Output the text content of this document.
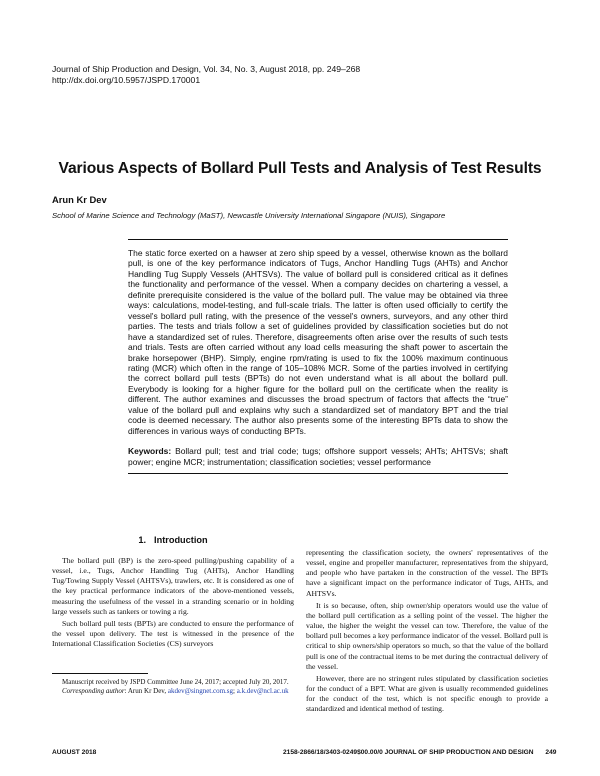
Journal of Ship Production and Design, Vol. 34, No. 3, August 2018, pp. 249–268
http://dx.doi.org/10.5957/JSPD.170001
Various Aspects of Bollard Pull Tests and Analysis of Test Results
Arun Kr Dev
School of Marine Science and Technology (MaST), Newcastle University International Singapore (NUIS), Singapore
The static force exerted on a hawser at zero ship speed by a vessel, otherwise known as the bollard pull, is one of the key performance indicators of Tugs, Anchor Handling Tugs (AHTs) and Anchor Handling Tug Supply Vessels (AHTSVs). The value of bollard pull is considered critical as it defines the functionality and performance of the vessel. When a company decides on chartering a vessel, a definite prerequisite considered is the value of the bollard pull. The value may be obtained via three ways: calculations, model-testing, and full-scale trials. The latter is often used officially to certify the vessel's bollard pull rating, with the presence of the vessel's owners, surveyors, and any other third parties. The tests and trials follow a set of guidelines provided by classification societies but do not have a standardized set of rules. Therefore, disagreements often arise over the results of such tests and trials. Tests are often carried without any load cells measuring the shaft power to ascertain the brake horsepower (BHP). Simply, engine rpm/rating is used to fix the 100% maximum continuous rating (MCR) which often in the range of 105–108% MCR. Some of the parties involved in certifying the correct bollard pull tests (BPTs) do not even understand what is all about the bollard pull. Everybody is looking for a higher figure for the bollard pull on the certificate when the reality is different. The author examines and discusses the broad spectrum of factors that affects the “true” value of the bollard pull and explains why such a standardized set of mandatory BPT and the trial code is deemed necessary. The author also presents some of the interesting BPTs data to show the differences in various ways of conducting BPTs.
Keywords: Bollard pull; test and trial code; tugs; offshore support vessels; AHTs; AHTSVs; shaft power; engine MCR; instrumentation; classification societies; vessel performance
1. Introduction

The bollard pull (BP) is the zero-speed pulling/pushing capability of a vessel, i.e., Tugs, Anchor Handling Tug (AHTs), Anchor Handling Tug/Towing Supply Vessel (AHTSVs), trawlers, etc. It is considered as one of the key practical performance indicators of the above-mentioned vessels, measuring the usefulness of the vessel in a stranding scenario or in holding large vessels such as tankers or towing a rig.

Such bollard pull tests (BPTs) are conducted to ensure the performance of the vessel upon delivery. The test is witnessed in the presence of the International Classification Societies (CS) surveyors

representing the classification society, the owners' representatives of the vessel, engine and propeller manufacturer, representatives from the shipyard, and people who have partaken in the construction of the vessel. The BPTs have a significant impact on the performance indicator of Tugs, AHTs, and AHTSVs.

It is so because, often, ship owner/ship operators would use the value of the bollard pull certification as a selling point of the vessel. The higher the value, the higher the weight the vessel can tow. Therefore, the value of the bollard pull becomes a key performance indicator of the vessel. Bollard pull is critical to ship owners/ship operators so much, so that the value of the bollard pull is one of the contractual items to be met during the contractual delivery of the vessel.

However, there are no stringent rules stipulated by classification societies for the conduct of a BPT. What are given is usually recommended guidelines for the conduct of the test, which is not specific enough to provide a standardized and identical method of testing.

Manuscript received by JSPD Committee June 24, 2017; accepted July 20, 2017.

Corresponding author: Arun Kr Dev, akdev@singnet.com.sg; a.k.dev@ncl.ac.uk

AUGUST 2018	2158-2866/18/3403-0249$00.00/0 JOURNAL OF SHIP PRODUCTION AND DESIGN 249
